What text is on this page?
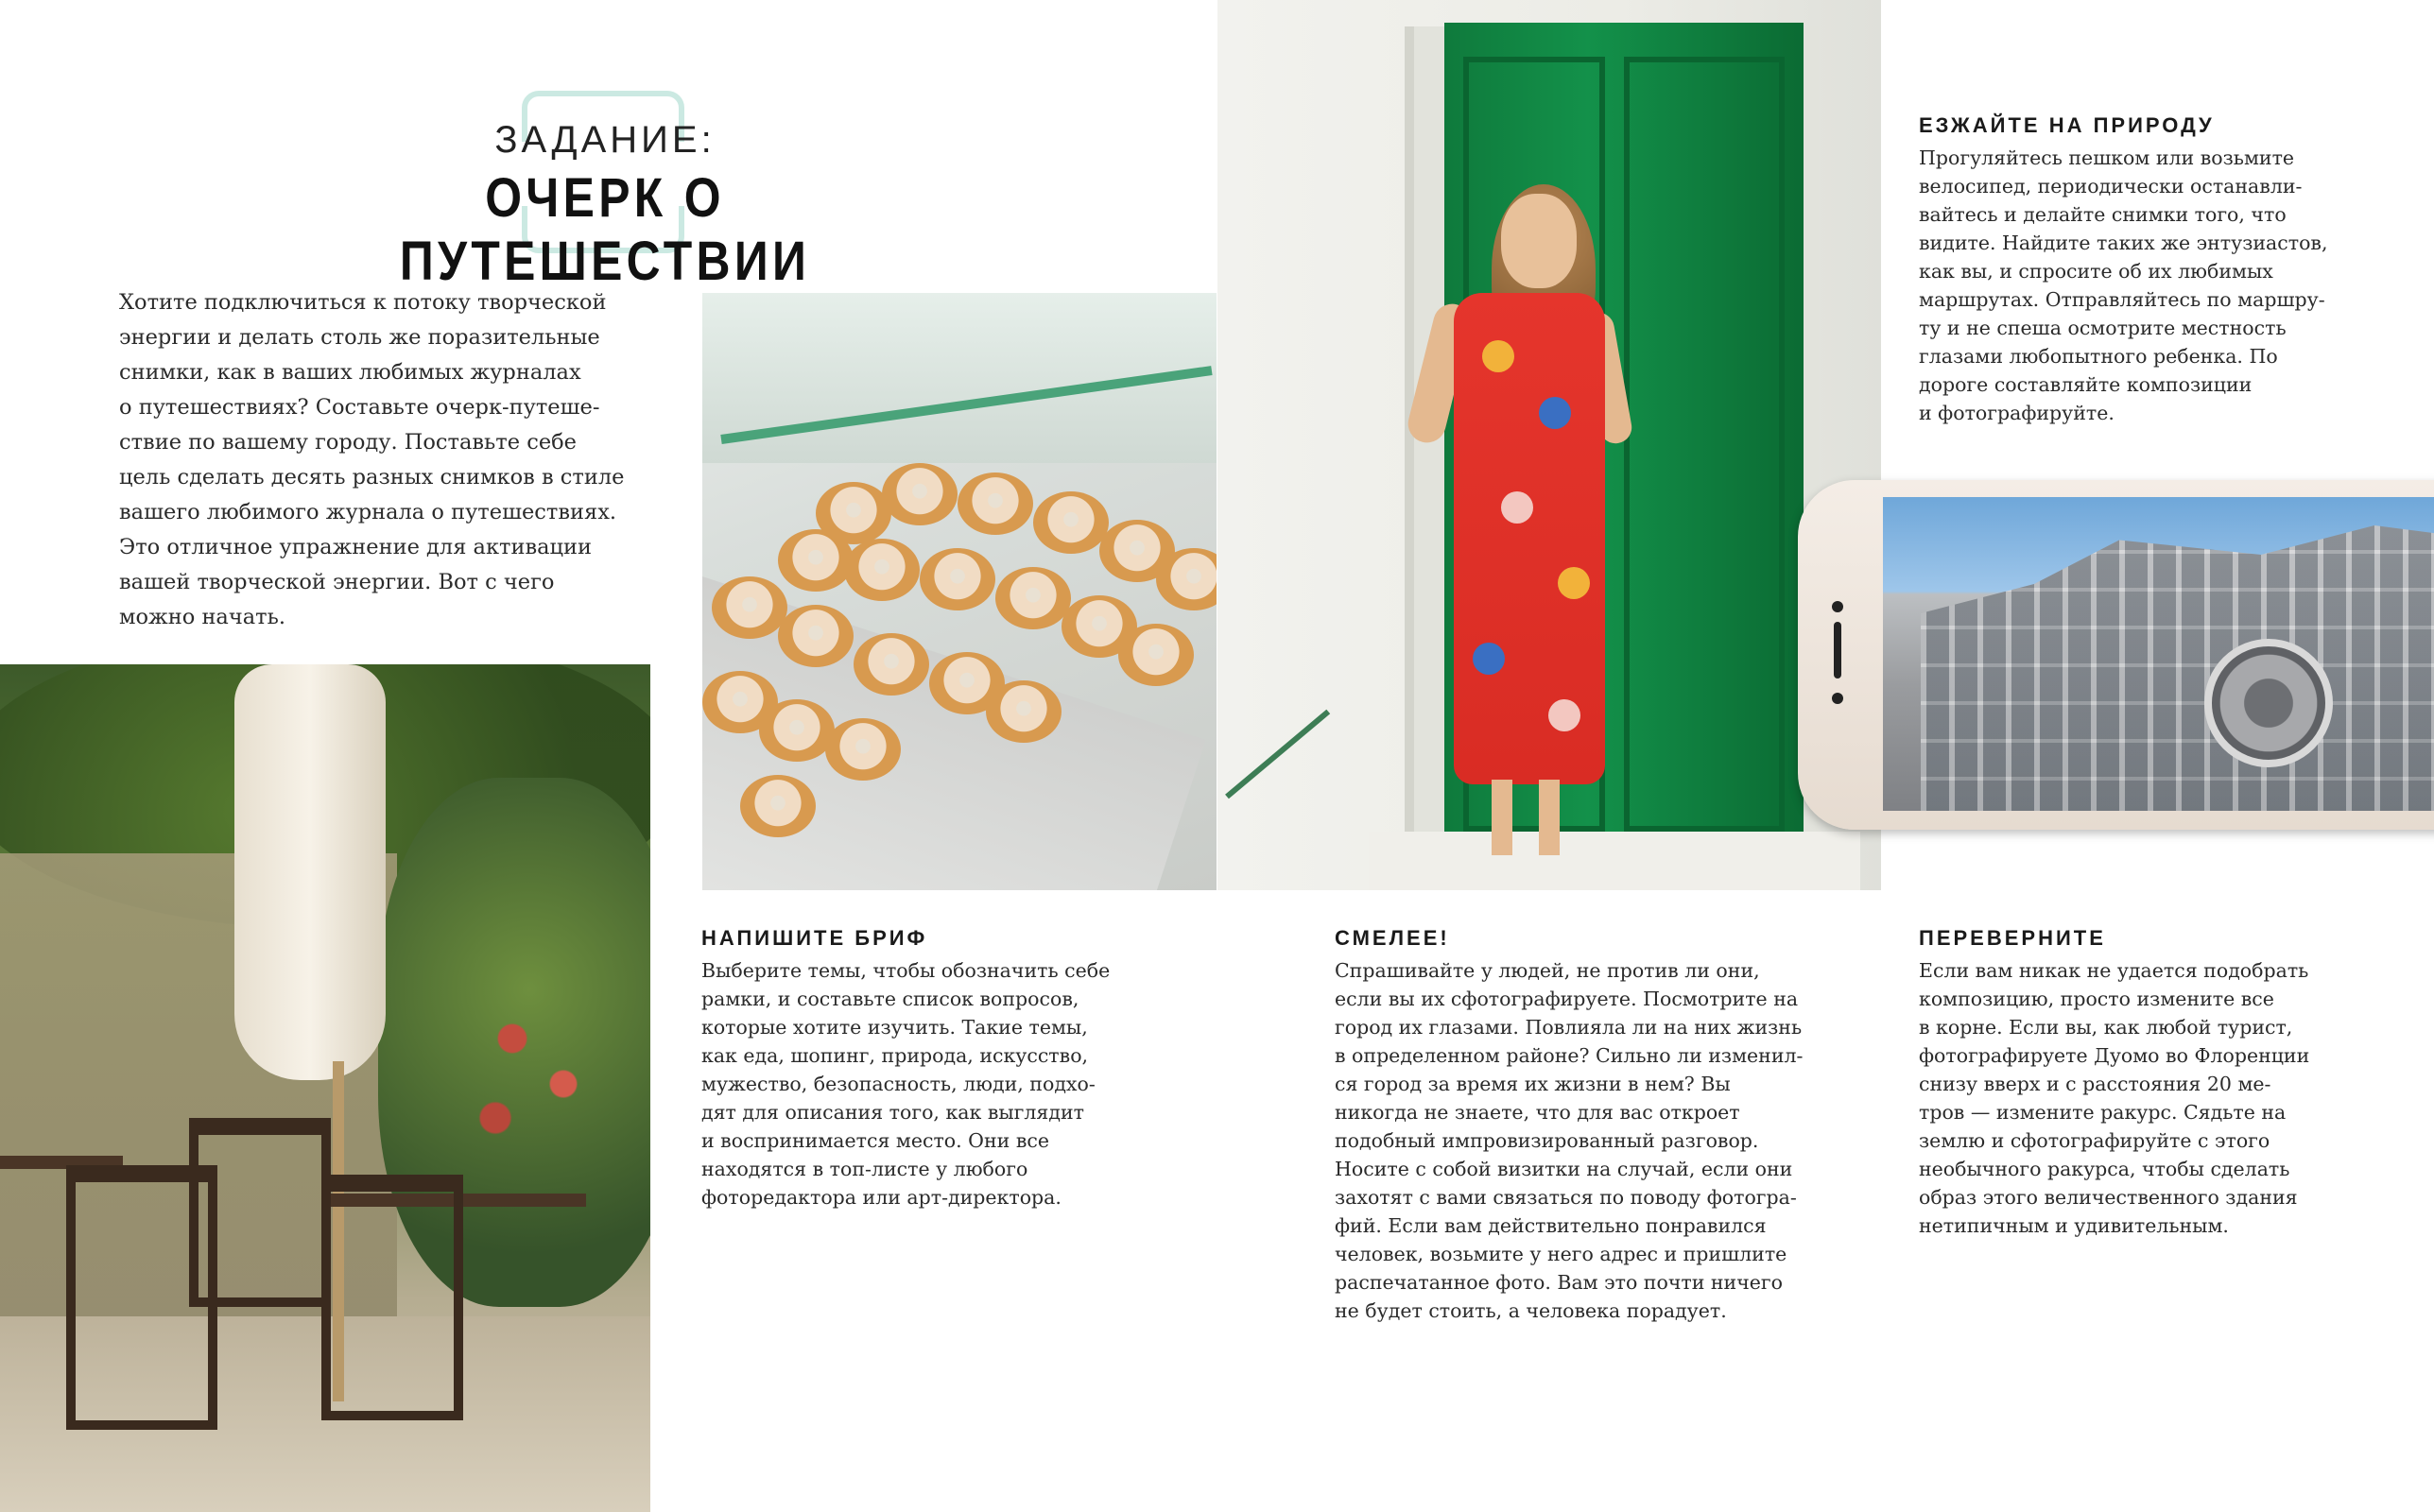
ЗАДАНИЕ:
ОЧЕРК О ПУТЕШЕСТВИИ
Хотите подключиться к потоку творческой
энергии и делать столь же поразительные
снимки, как в ваших любимых журналах
о путешествиях? Составьте очерк-путеше-
ствие по вашему городу. Поставьте себе
цель сделать десять разных снимков в стиле
вашего любимого журнала о путешествиях.
Это отличное упражнение для активации
вашей творческой энергии. Вот с чего
можно начать.
ЕЗЖАЙТЕ НА ПРИРОДУ
Прогуляйтесь пешком или возьмите
велосипед, периодически останавли-
вайтесь и делайте снимки того, что
видите. Найдите таких же энтузиастов,
как вы, и спросите об их любимых
маршрутах. Отправляйтесь по маршру-
ту и не спеша осмотрите местность
глазами любопытного ребенка. По
дороге составляйте композиции
и фотографируйте.
НАПИШИТЕ БРИФ
Выберите темы, чтобы обозначить себе
рамки, и составьте список вопросов,
которые хотите изучить. Такие темы,
как еда, шопинг, природа, искусство,
мужество, безопасность, люди, подхо-
дят для описания того, как выглядит
и воспринимается место. Они все
находятся в топ-листе у любого
фоторедактора или арт-директора.
СМЕЛЕЕ!
Спрашивайте у людей, не против ли они,
если вы их сфотографируете. Посмотрите на
город их глазами. Повлияла ли на них жизнь
в определенном районе? Сильно ли изменил-
ся город за время их жизни в нем? Вы
никогда не знаете, что для вас откроет
подобный импровизированный разговор.
Носите с собой визитки на случай, если они
захотят с вами связаться по поводу фотогра-
фий. Если вам действительно понравился
человек, возьмите у него адрес и пришлите
распечатанное фото. Вам это почти ничего
не будет стоить, а человека порадует.
ПЕРЕВЕРНИТЕ
Если вам никак не удается подобрать
композицию, просто измените все
в корне. Если вы, как любой турист,
фотографируете Дуомо во Флоренции
снизу вверх и с расстояния 20 ме-
тров — измените ракурс. Сядьте на
землю и сфотографируйте с этого
необычного ракурса, чтобы сделать
образ этого величественного здания
нетипичным и удивительным.
